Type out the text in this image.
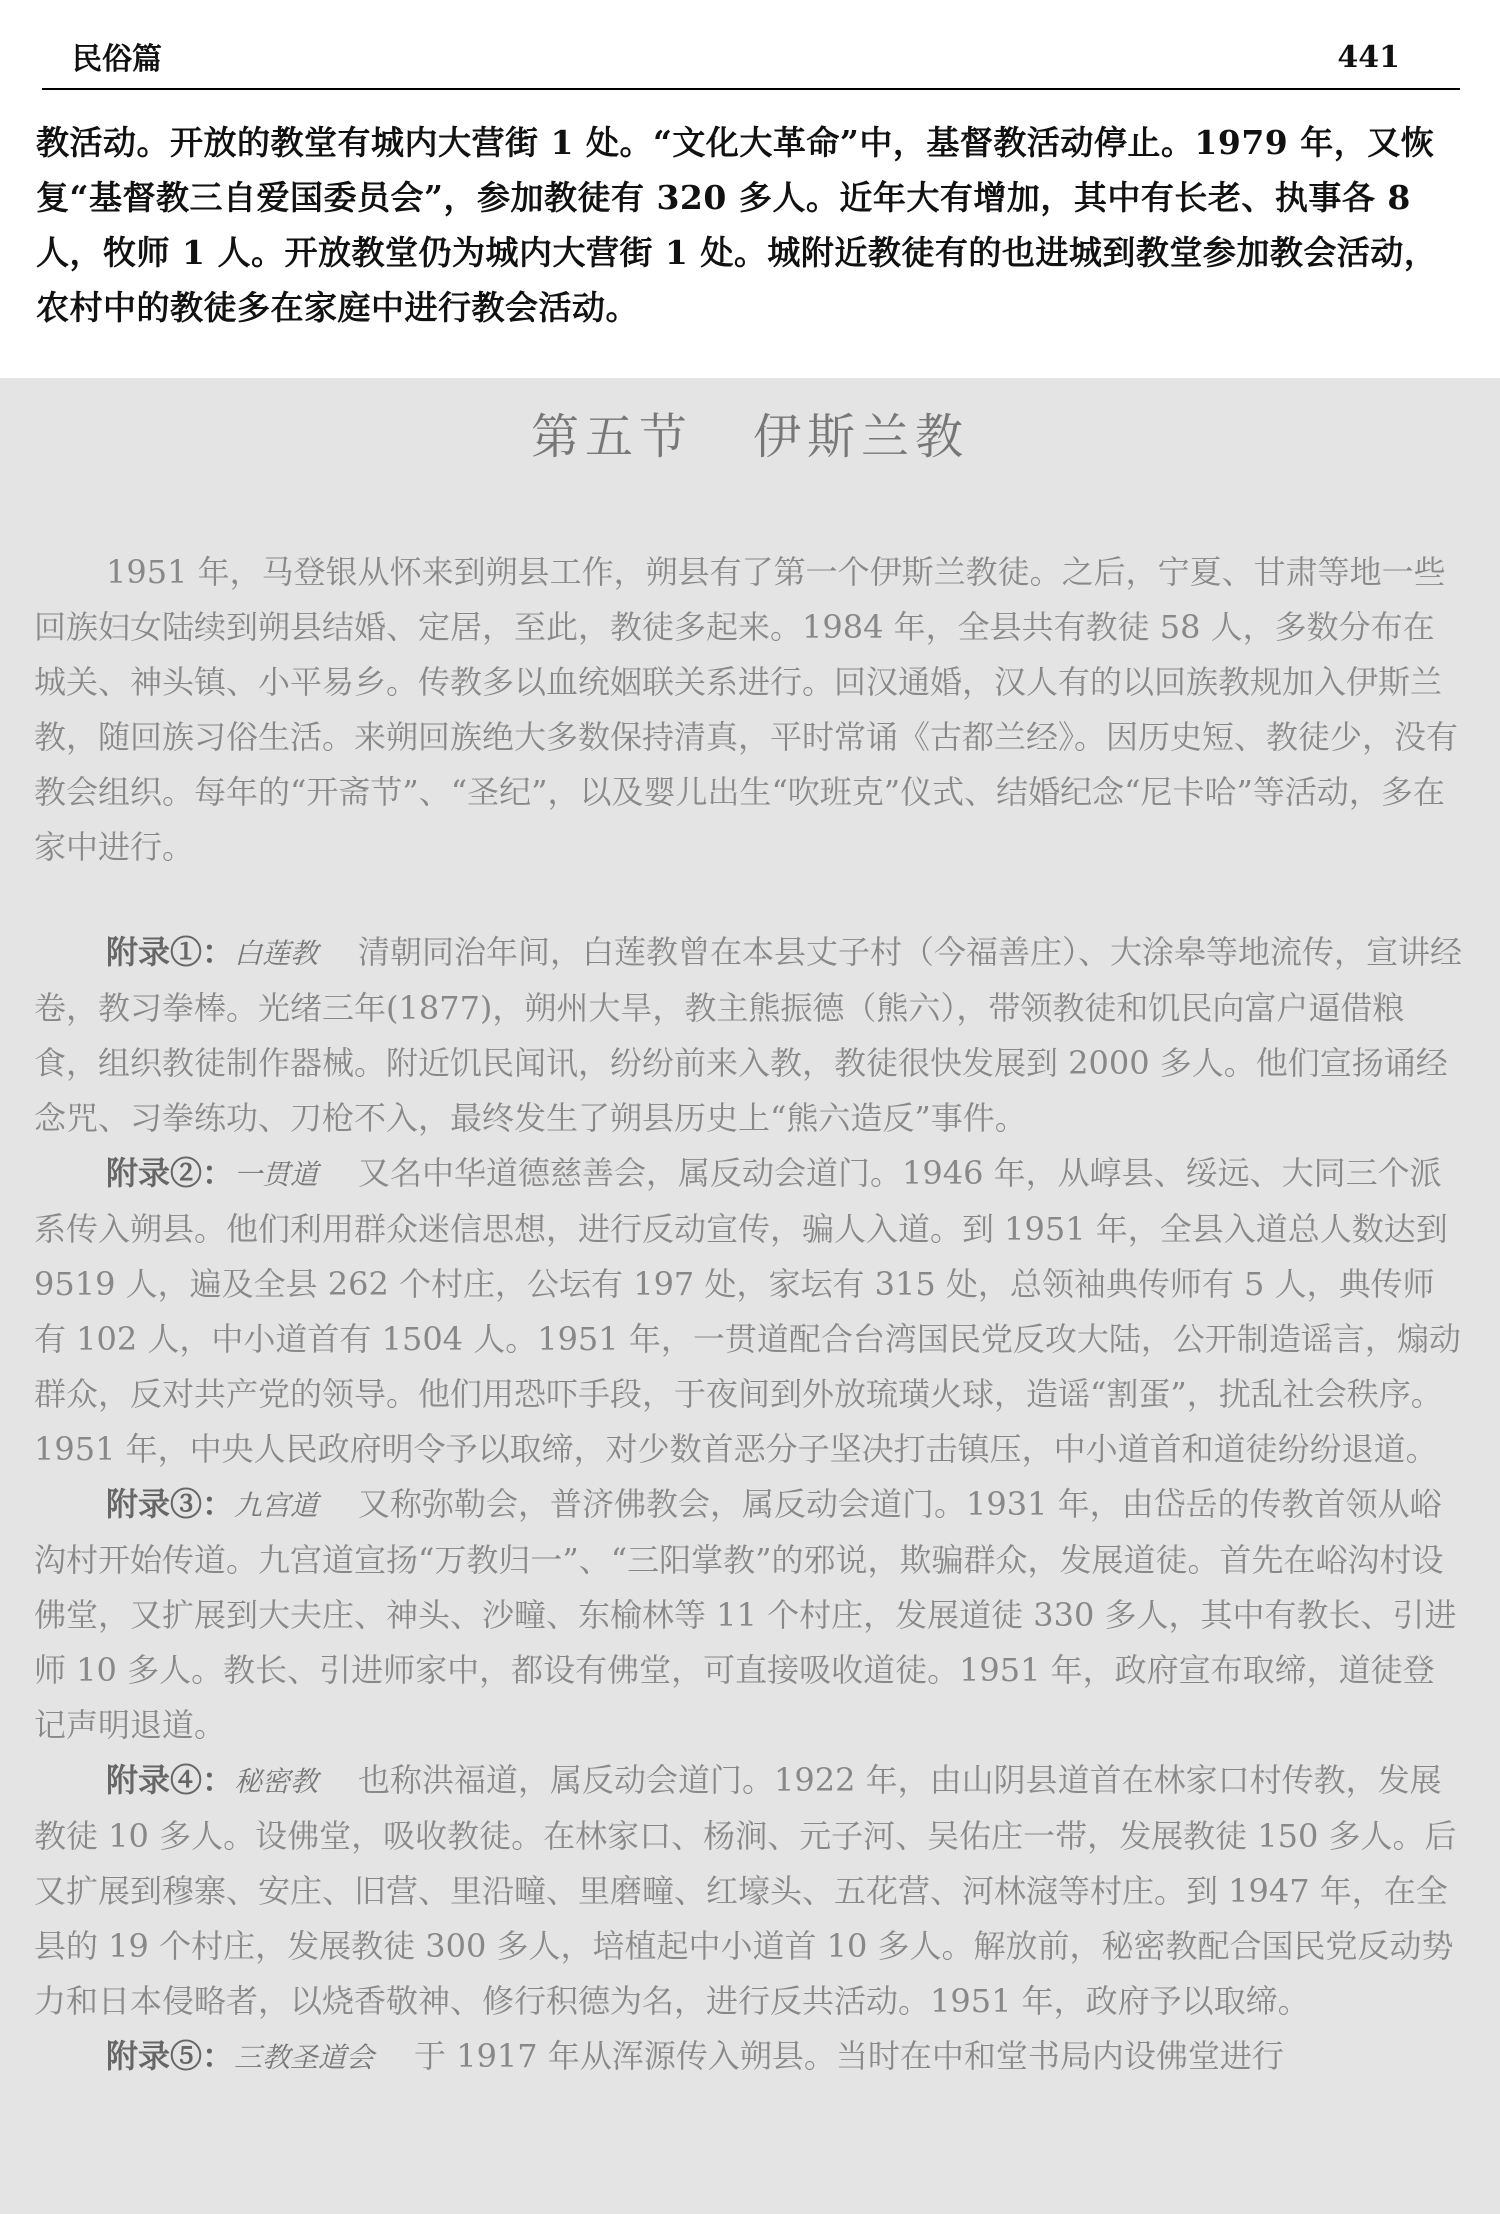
民俗篇	441

教活动。开放的教堂有城内大营街 1 处。“文化大革命”中，基督教活动停止。1979 年，又恢复“基督教三自爱国委员会”，参加教徒有 320 多人。近年大有增加，其中有长老、执事各 8 人，牧师 1 人。开放教堂仍为城内大营街 1 处。城附近教徒有的也进城到教堂参加教会活动，农村中的教徒多在家庭中进行教会活动。

第五节 伊斯兰教

1951 年，马登银从怀来到朔县工作，朔县有了第一个伊斯兰教徒。之后，宁夏、甘肃等地一些回族妇女陆续到朔县结婚、定居，至此，教徒多起来。1984 年，全县共有教徒 58 人，多数分布在城关、神头镇、小平易乡。传教多以血统姻联关系进行。回汉通婚，汉人有的以回族教规加入伊斯兰教，随回族习俗生活。来朔回族绝大多数保持清真，平时常诵《古都兰经》。因历史短、教徒少，没有教会组织。每年的“开斋节”、“圣纪”，以及婴儿出生“吹班克”仪式、结婚纪念“尼卡哈”等活动，多在家中进行。

附录①：白莲教 清朝同治年间，白莲教曾在本县丈子村（今福善庄）、大涂皋等地流传，宣讲经卷，教习拳棒。光绪三年(1877)，朔州大旱，教主熊振德（熊六），带领教徒和饥民向富户逼借粮食，组织教徒制作器械。附近饥民闻讯，纷纷前来入教，教徒很快发展到 2000 多人。他们宣扬诵经念咒、习拳练功、刀枪不入，最终发生了朔县历史上“熊六造反”事件。

附录②：一贯道 又名中华道德慈善会，属反动会道门。1946 年，从崞县、绥远、大同三个派系传入朔县。他们利用群众迷信思想，进行反动宣传，骗人入道。到 1951 年，全县入道总人数达到 9519 人，遍及全县 262 个村庄，公坛有 197 处，家坛有 315 处，总领袖典传师有 5 人，典传师有 102 人，中小道首有 1504 人。1951 年，一贯道配合台湾国民党反攻大陆，公开制造谣言，煽动群众，反对共产党的领导。他们用恐吓手段，于夜间到外放琉璜火球，造谣“割蛋”，扰乱社会秩序。1951 年，中央人民政府明令予以取缔，对少数首恶分子坚决打击镇压，中小道首和道徒纷纷退道。

附录③：九宫道 又称弥勒会，普济佛教会，属反动会道门。1931 年，由岱岳的传教首领从峪沟村开始传道。九宫道宣扬“万教归一”、“三阳掌教”的邪说，欺骗群众，发展道徒。首先在峪沟村设佛堂，又扩展到大夫庄、神头、沙疃、东榆林等 11 个村庄，发展道徒 330 多人，其中有教长、引进师 10 多人。教长、引进师家中，都设有佛堂，可直接吸收道徒。1951 年，政府宣布取缔，道徒登记声明退道。

附录④：秘密教 也称洪福道，属反动会道门。1922 年，由山阴县道首在林家口村传教，发展教徒 10 多人。设佛堂，吸收教徒。在林家口、杨涧、元子河、吴佑庄一带，发展教徒 150 多人。后又扩展到穆寨、安庄、旧营、里沿疃、里磨疃、红壕头、五花营、河林滱等村庄。到 1947 年，在全县的 19 个村庄，发展教徒 300 多人，培植起中小道首 10 多人。解放前，秘密教配合国民党反动势力和日本侵略者，以烧香敬神、修行积德为名，进行反共活动。1951 年，政府予以取缔。

附录⑤：三教圣道会 于 1917 年从浑源传入朔县。当时在中和堂书局内设佛堂进行
